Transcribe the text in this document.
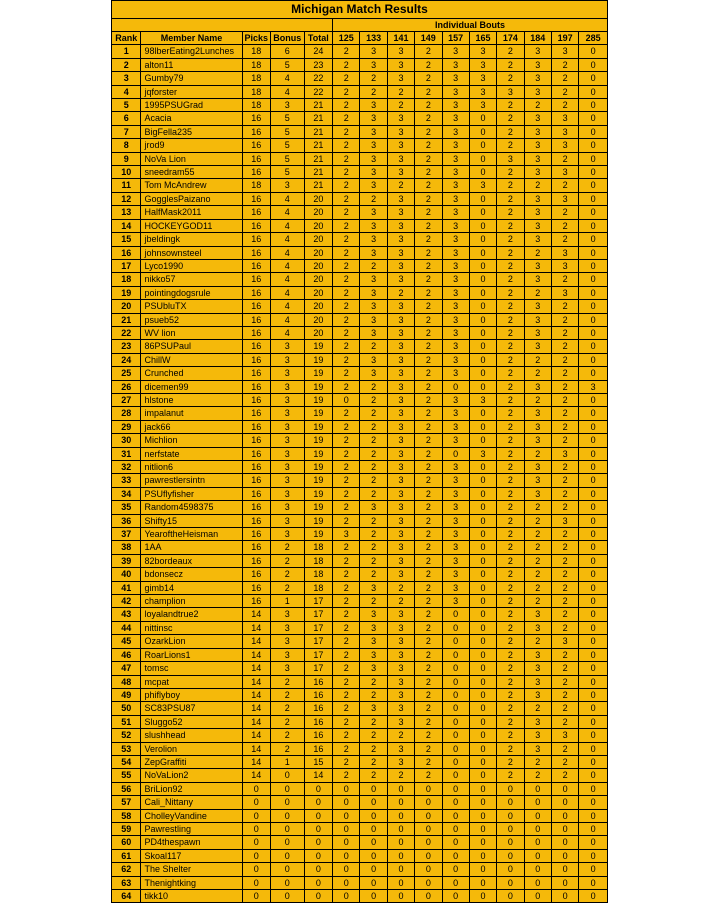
Michigan Match Results														
					Individual Bouts									
Rank	Member Name	Picks	Bonus	Total	125	133	141	149	157	165	174	184	197	285
1	98lberEating2Lunches	18	6	24	2	3	3	2	3	3	2	3	3	0
2	alton11	18	5	23	2	3	3	2	3	3	2	3	2	0
3	Gumby79	18	4	22	2	2	3	2	3	3	2	3	2	0
4	jqforster	18	4	22	2	2	2	2	3	3	3	3	2	0
5	1995PSUGrad	18	3	21	2	3	2	2	3	3	2	2	2	0
6	Acacia	16	5	21	2	3	3	2	3	0	2	3	3	0
7	BigFella235	16	5	21	2	3	3	2	3	0	2	3	3	0
8	jrod9	16	5	21	2	3	3	2	3	0	2	3	3	0
9	NoVa Lion	16	5	21	2	3	3	2	3	0	3	3	2	0
10	sneedram55	16	5	21	2	3	3	2	3	0	2	3	3	0
11	Tom McAndrew	18	3	21	2	3	2	2	3	3	2	2	2	0
12	GogglesPaizano	16	4	20	2	2	3	2	3	0	2	3	3	0
13	HalfMask2011	16	4	20	2	3	3	2	3	0	2	3	2	0
14	HOCKEYGOD11	16	4	20	2	3	3	2	3	0	2	3	2	0
15	jbeldingk	16	4	20	2	3	3	2	3	0	2	3	2	0
16	johnsownsteel	16	4	20	2	3	3	2	3	0	2	2	3	0
17	Lyco1990	16	4	20	2	2	3	2	3	0	2	3	3	0
18	nikko57	16	4	20	2	3	3	2	3	0	2	3	2	0
19	pointingdogsrule	16	4	20	2	3	2	2	3	0	2	2	3	0
20	PSUbluTX	16	4	20	2	3	3	2	3	0	2	3	2	0
21	psueb52	16	4	20	2	3	3	2	3	0	2	3	2	0
22	WV lion	16	4	20	2	3	3	2	3	0	2	3	2	0
23	86PSUPaul	16	3	19	2	2	3	2	3	0	2	3	2	0
24	ChillW	16	3	19	2	3	3	2	3	0	2	2	2	0
25	Crunched	16	3	19	2	3	3	2	3	0	2	2	2	0
26	dicemen99	16	3	19	2	2	3	2	0	0	2	3	2	3
27	hlstone	16	3	19	0	2	3	2	3	3	2	2	2	0
28	impalanut	16	3	19	2	2	3	2	3	0	2	3	2	0
29	jack66	16	3	19	2	2	3	2	3	0	2	3	2	0
30	Michlion	16	3	19	2	2	3	2	3	0	2	3	2	0
31	nerfstate	16	3	19	2	2	3	2	0	3	2	2	3	0
32	nitlion6	16	3	19	2	2	3	2	3	0	2	3	2	0
33	pawrestlersintn	16	3	19	2	2	3	2	3	0	2	3	2	0
34	PSUflyfisher	16	3	19	2	2	3	2	3	0	2	3	2	0
35	Random4598375	16	3	19	2	3	3	2	3	0	2	2	2	0
36	Shifty15	16	3	19	2	2	3	2	3	0	2	2	3	0
37	YearoftheHeisman	16	3	19	3	2	3	2	3	0	2	2	2	0
38	1AA	16	2	18	2	2	3	2	3	0	2	2	2	0
39	82bordeaux	16	2	18	2	2	3	2	3	0	2	2	2	0
40	bdonsecz	16	2	18	2	2	3	2	3	0	2	2	2	0
41	gimb14	16	2	18	2	3	2	2	3	0	2	2	2	0
42	champlion	16	1	17	2	2	2	2	3	0	2	2	2	0
43	loyalandtrue2	14	3	17	2	3	3	2	0	0	2	3	2	0
44	nittinsc	14	3	17	2	3	3	2	0	0	2	3	2	0
45	OzarkLion	14	3	17	2	3	3	2	0	0	2	2	3	0
46	RoarLions1	14	3	17	2	3	3	2	0	0	2	3	2	0
47	tomsc	14	3	17	2	3	3	2	0	0	2	3	2	0
48	mcpat	14	2	16	2	2	3	2	0	0	2	3	2	0
49	phiflyboy	14	2	16	2	2	3	2	0	0	2	3	2	0
50	SC83PSU87	14	2	16	2	3	3	2	0	0	2	2	2	0
51	Sluggo52	14	2	16	2	2	3	2	0	0	2	3	2	0
52	slushhead	14	2	16	2	2	2	2	0	0	2	3	3	0
53	Verolion	14	2	16	2	2	3	2	0	0	2	3	2	0
54	ZepGraffiti	14	1	15	2	2	3	2	0	0	2	2	2	0
55	NoVaLion2	14	0	14	2	2	2	2	0	0	2	2	2	0
56	BriLion92	0	0	0	0	0	0	0	0	0	0	0	0	0
57	Cali_Nittany	0	0	0	0	0	0	0	0	0	0	0	0	0
58	CholleyVandine	0	0	0	0	0	0	0	0	0	0	0	0	0
59	Pawrestling	0	0	0	0	0	0	0	0	0	0	0	0	0
60	PD4thespawn	0	0	0	0	0	0	0	0	0	0	0	0	0
61	Skoal117	0	0	0	0	0	0	0	0	0	0	0	0	0
62	The Shelter	0	0	0	0	0	0	0	0	0	0	0	0	0
63	Thenightking	0	0	0	0	0	0	0	0	0	0	0	0	0
64	tikk10	0	0	0	0	0	0	0	0	0	0	0	0	0
